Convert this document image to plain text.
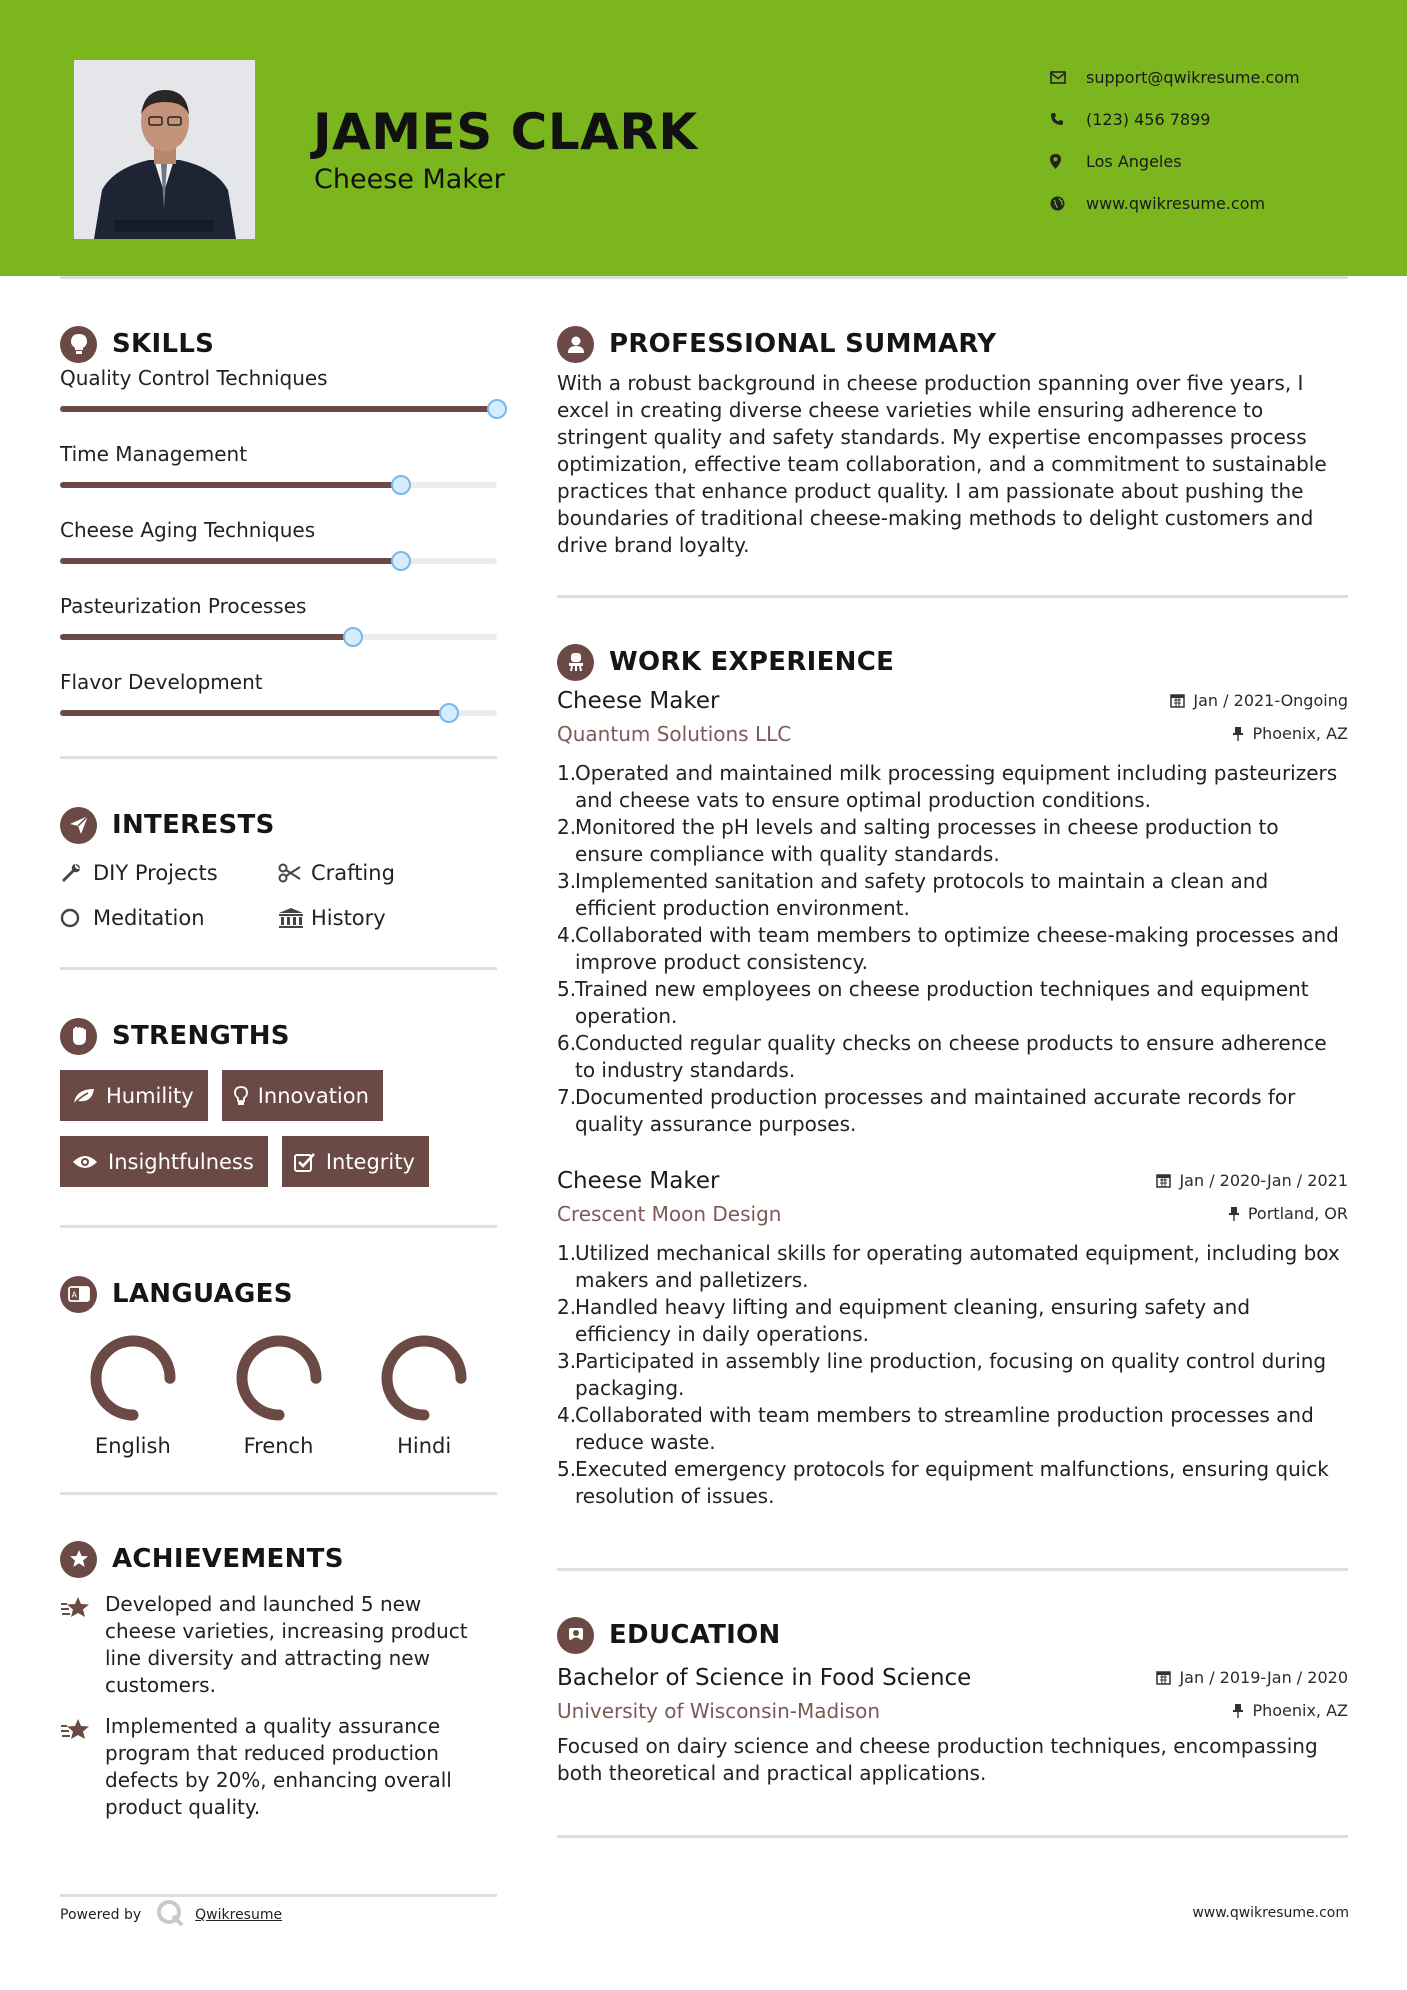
JAMES CLARK
Cheese Maker
support@qwikresume.com
(123) 456 7899
Los Angeles
www.qwikresume.com
SKILLS
Quality Control Techniques
Time Management
Cheese Aging Techniques
Pasteurization Processes
Flavor Development
INTERESTS
DIY Projects	Crafting
Meditation	History
STRENGTHS
Humility	Innovation
Insightfulness	Integrity
A LANGUAGES
English	French	Hindi
ACHIEVEMENTS
Developed and launched 5 new cheese varieties, increasing product line diversity and attracting new customers.
Implemented a quality assurance program that reduced production defects by 20%, enhancing overall product quality.
PROFESSIONAL SUMMARY

With a robust background in cheese production spanning over five years, I excel in creating diverse cheese varieties while ensuring adherence to stringent quality and safety standards. My expertise encompasses process optimization, effective team collaboration, and a commitment to sustainable practices that enhance product quality. I am passionate about pushing the boundaries of traditional cheese-making methods to delight customers and drive brand loyalty.

WORK EXPERIENCE
Cheese Maker	Jan / 2021-Ongoing
Quantum Solutions LLC	Phoenix, AZ
1.
Operated and maintained milk processing equipment including pasteurizers and cheese vats to ensure optimal production conditions.
2.
Monitored the pH levels and salting processes in cheese production to ensure compliance with quality standards.
3.
Implemented sanitation and safety protocols to maintain a clean and efficient production environment.
4.
Collaborated with team members to optimize cheese-making processes and improve product consistency.
5.
Trained new employees on cheese production techniques and equipment operation.
6.
Conducted regular quality checks on cheese products to ensure adherence to industry standards.
7.
Documented production processes and maintained accurate records for quality assurance purposes.
Cheese Maker	Jan / 2020-Jan / 2021
Crescent Moon Design	Portland, OR
1.
Utilized mechanical skills for operating automated equipment, including box makers and palletizers.
2.
Handled heavy lifting and equipment cleaning, ensuring safety and efficiency in daily operations.
3.
Participated in assembly line production, focusing on quality control during packaging.
4.
Collaborated with team members to streamline production processes and reduce waste.
5.
Executed emergency protocols for equipment malfunctions, ensuring quick resolution of issues.
EDUCATION
Bachelor of Science in Food Science	Jan / 2019-Jan / 2020
University of Wisconsin-Madison	Phoenix, AZ

Focused on dairy science and cheese production techniques, encompassing both theoretical and practical applications.

Powered by	Qwikresume	www.qwikresume.com
